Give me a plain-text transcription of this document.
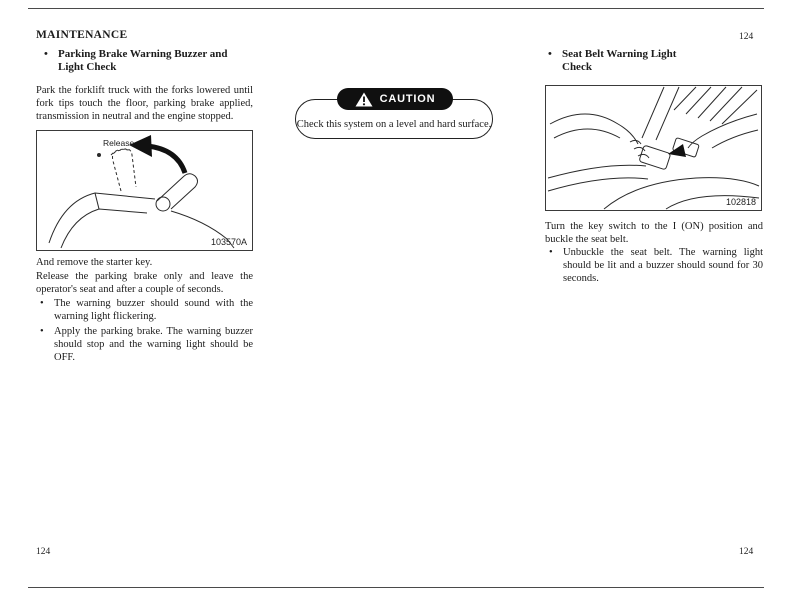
MAINTENANCE	124
•
Parking Brake Warning Buzzer and Light Check
Park the forklift truck with the forks lowered until fork tips touch the floor, parking brake applied, transmission in neutral and the engine stopped.
Release
103570A
And remove the starter key.
Release the parking brake only and leave the operator's seat and after a couple of seconds.
•
The warning buzzer should sound with the warning light flickering.
•
Apply the parking brake. The warning buzzer should stop and the warning light should be OFF.
Check this system on a level and hard surface.
CAUTION
•
Seat Belt Warning Light Check
102818
Turn the key switch to the I (ON) position and buckle the seat belt.
•
Unbuckle the seat belt. The warning light should be lit and a buzzer should sound for 30 seconds.
124	124
